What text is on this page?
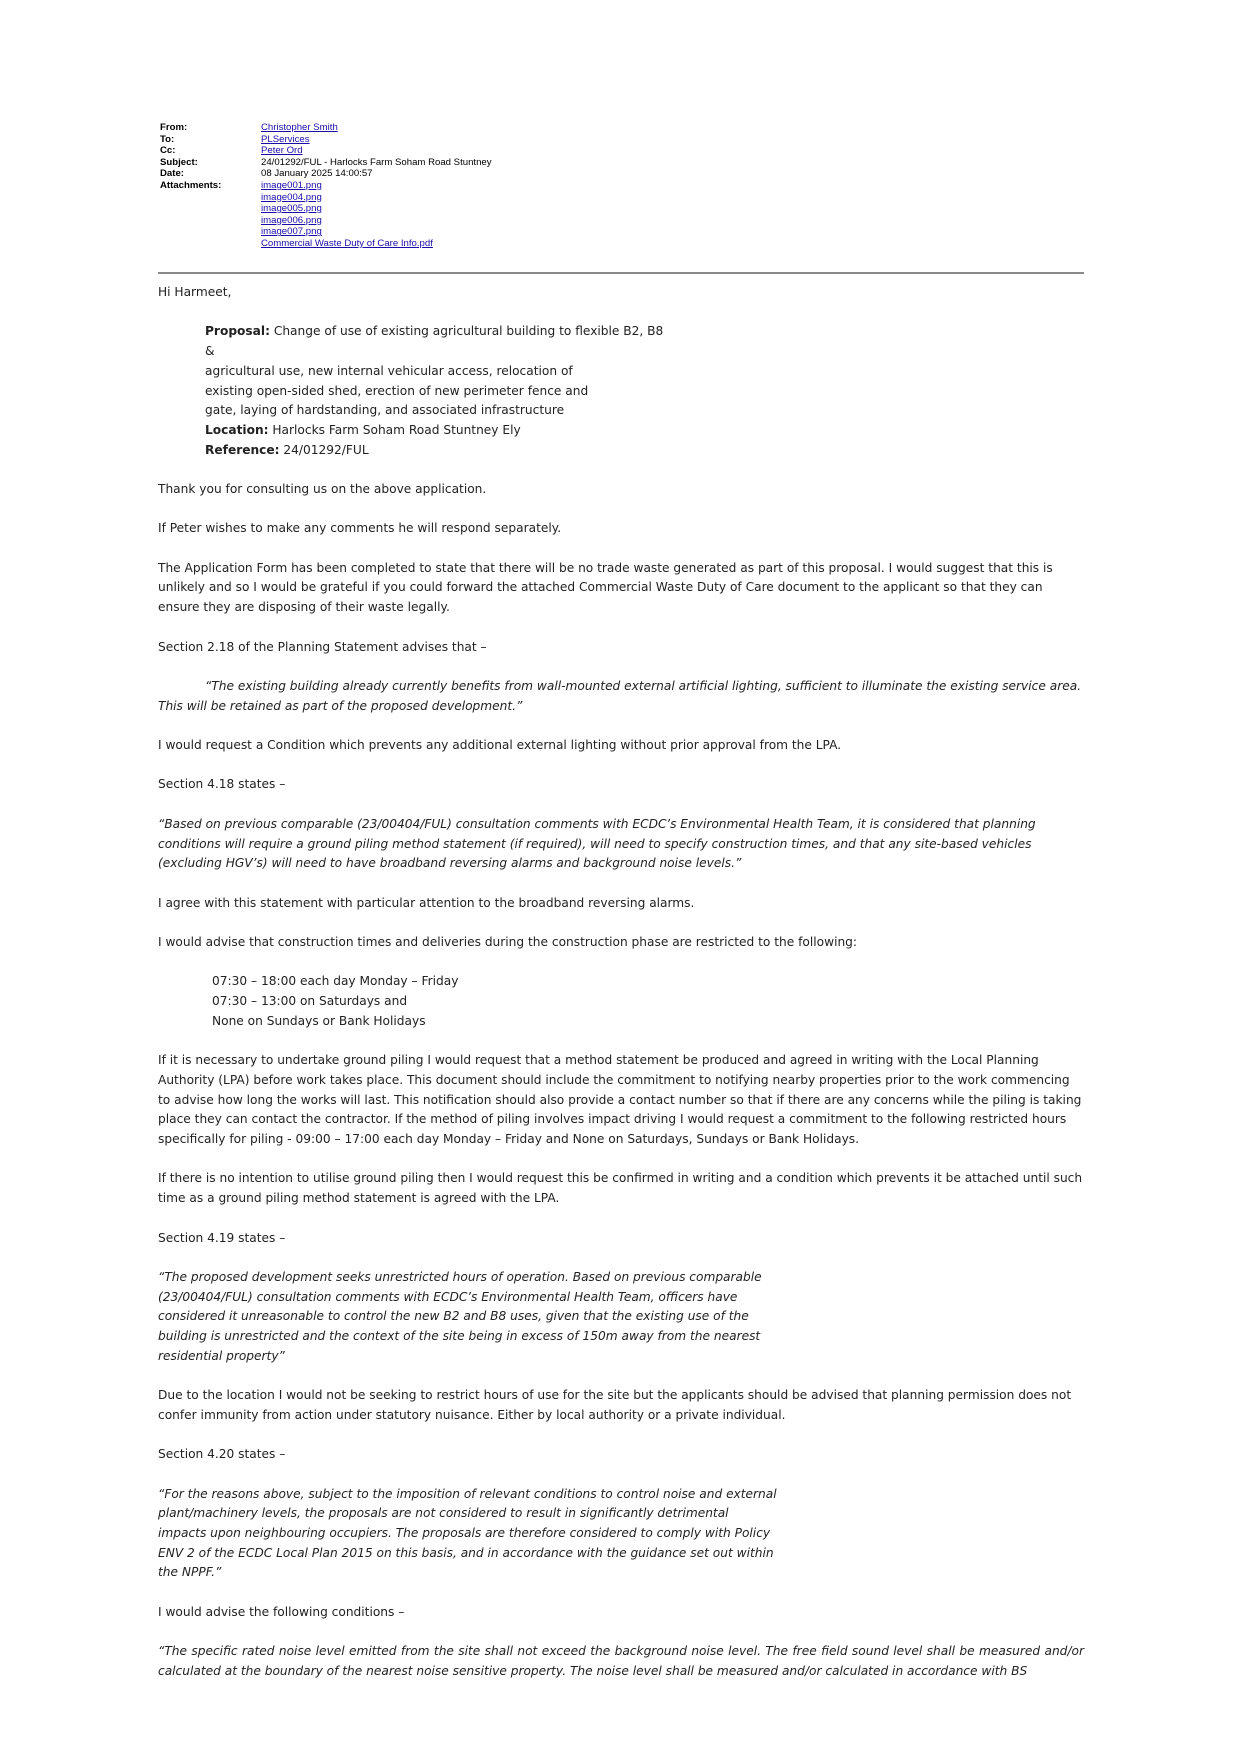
From:	Christopher Smith
To:	PLServices
Cc:	Peter Ord
Subject:	24/01292/FUL - Harlocks Farm Soham Road Stuntney
Date:	08 January 2025 14:00:57
Attachments:	image001.png
image004.png
image005.png
image006.png
image007.png
Commercial Waste Duty of Care Info.pdf

Hi Harmeet,

Proposal: Change of use of existing agricultural building to flexible B2, B8 &
agricultural use, new internal vehicular access, relocation of
existing open-sided shed, erection of new perimeter fence and
gate, laying of hardstanding, and associated infrastructure
Location: Harlocks Farm Soham Road Stuntney Ely
Reference: 24/01292/FUL

Thank you for consulting us on the above application.

If Peter wishes to make any comments he will respond separately.

The Application Form has been completed to state that there will be no trade waste generated as part of this proposal. I would suggest that this is unlikely and so I would be grateful if you could forward the attached Commercial Waste Duty of Care document to the applicant so that they can ensure they are disposing of their waste legally.

Section 2.18 of the Planning Statement advises that –

“The existing building already currently benefits from wall-mounted external artificial lighting, sufficient to illuminate the existing service area. This will be retained as part of the proposed development.”

I would request a Condition which prevents any additional external lighting without prior approval from the LPA.

Section 4.18 states –

“Based on previous comparable (23/00404/FUL) consultation comments with ECDC’s Environmental Health Team, it is considered that planning conditions will require a ground piling method statement (if required), will need to specify construction times, and that any site-based vehicles (excluding HGV’s) will need to have broadband reversing alarms and background noise levels.”

I agree with this statement with particular attention to the broadband reversing alarms.

I would advise that construction times and deliveries during the construction phase are restricted to the following:

07:30 – 18:00 each day Monday – Friday
07:30 – 13:00 on Saturdays and
None on Sundays or Bank Holidays

If it is necessary to undertake ground piling I would request that a method statement be produced and agreed in writing with the Local Planning Authority (LPA) before work takes place. This document should include the commitment to notifying nearby properties prior to the work commencing to advise how long the works will last. This notification should also provide a contact number so that if there are any concerns while the piling is taking place they can contact the contractor. If the method of piling involves impact driving I would request a commitment to the following restricted hours specifically for piling - 09:00 – 17:00 each day Monday – Friday and None on Saturdays, Sundays or Bank Holidays.

If there is no intention to utilise ground piling then I would request this be confirmed in writing and a condition which prevents it be attached until such time as a ground piling method statement is agreed with the LPA.

Section 4.19 states –

“The proposed development seeks unrestricted hours of operation. Based on previous comparable (23/00404/FUL) consultation comments with ECDC’s Environmental Health Team, officers have considered it unreasonable to control the new B2 and B8 uses, given that the existing use of the building is unrestricted and the context of the site being in excess of 150m away from the nearest residential property”

Due to the location I would not be seeking to restrict hours of use for the site but the applicants should be advised that planning permission does not confer immunity from action under statutory nuisance. Either by local authority or a private individual.

Section 4.20 states –

“For the reasons above, subject to the imposition of relevant conditions to control noise and external plant/machinery levels, the proposals are not considered to result in significantly detrimental impacts upon neighbouring occupiers. The proposals are therefore considered to comply with Policy ENV 2 of the ECDC Local Plan 2015 on this basis, and in accordance with the guidance set out within the NPPF.”

I would advise the following conditions –

“The specific rated noise level emitted from the site shall not exceed the background noise level. The free field sound level shall be measured and/or calculated at the boundary of the nearest noise sensitive property. The noise level shall be measured and/or calculated in accordance with BS
